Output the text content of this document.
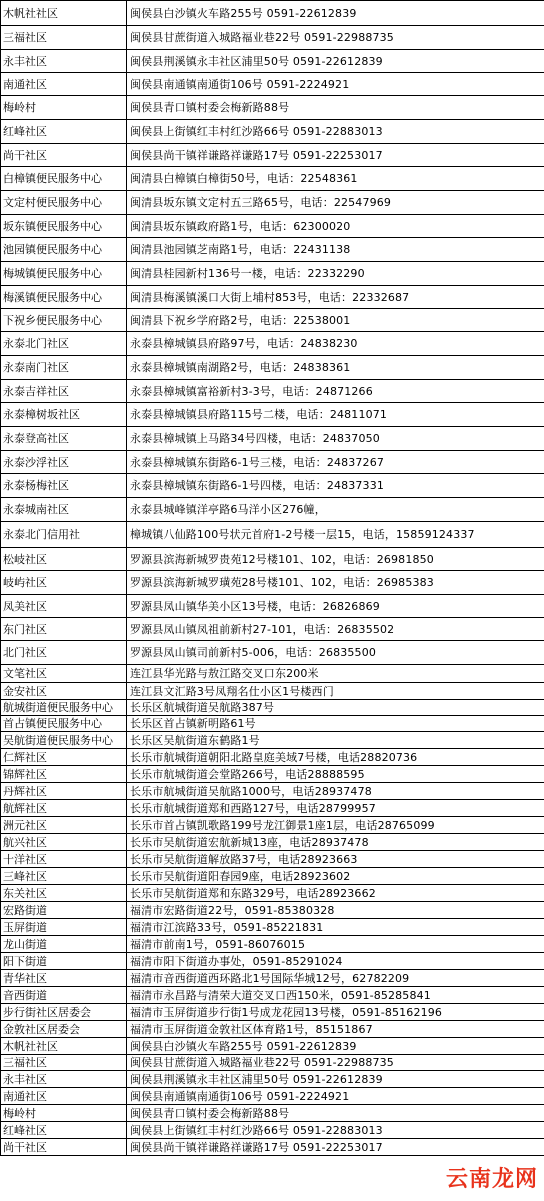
木帆社社区	闽侯县白沙镇火车路255号 0591-22612839
三福社区	闽侯县甘蔗街道入城路福业巷22号 0591-22988735
永丰社区	闽侯县荆溪镇永丰社区浦里50号 0591-22612839
南通社区	闽侯县南通镇南通街106号 0591-2224921
梅岭村	闽侯县青口镇村委会梅新路88号
红峰社区	闽侯县上街镇红丰村红沙路66号 0591-22883013
尚干社区	闽侯县尚干镇祥谦路祥谦路17号 0591-22253017
白樟镇便民服务中心	闽清县白樟镇白樟街50号，电话：22548361
文定村便民服务中心	闽清县坂东镇文定村五三路65号，电话：22547969
坂东镇便民服务中心	闽清县坂东镇政府路1号，电话：62300020
池园镇便民服务中心	闽清县池园镇芝南路1号，电话：22431138
梅城镇便民服务中心	闽清县桂园新村136号一楼，电话：22332290
梅溪镇便民服务中心	闽清县梅溪镇溪口大街上埔村853号，电话：22332687
下祝乡便民服务中心	闽清县下祝乡学府路2号，电话：22538001
永泰北门社区	永泰县樟城镇县府路97号，电话：24838230
永泰南门社区	永泰县樟城镇南湖路2号，电话：24838361
永泰吉祥社区	永泰县樟城镇富裕新村3-3号，电话：24871266
永泰樟树坂社区	永泰县樟城镇县府路115号二楼，电话：24811071
永泰登高社区	永泰县樟城镇上马路34号四楼，电话：24837050
永泰沙浮社区	永泰县樟城镇东街路6-1号三楼，电话：24837267
永泰杨梅社区	永泰县樟城镇东街路6-1号四楼，电话：24837331
永泰城南社区	永泰县城峰镇洋亭路6马洋小区276幢，
永泰北门信用社	樟城镇八仙路100号状元首府1-2号楼一层15，电话，15859124337
松岐社区	罗源县滨海新城罗贵苑12号楼101、102，电话：26981850
岐屿社区	罗源县滨海新城罗璜苑28号楼101、102，电话：26985383
凤美社区	罗源县凤山镇华美小区13号楼，电话：26826869
东门社区	罗源县凤山镇凤祖前新村27-101，电话：26835502
北门社区	罗源县凤山镇司前新村5-006，电话：26835500
文笔社区	连江县华光路与敖江路交叉口东200米
金安社区	连江县文汇路3号凤翔名仕小区1号楼西门
航城街道便民服务中心	长乐区航城街道吴航路387号
首占镇便民服务中心	长乐区首占镇新明路61号
吴航街道便民服务中心	长乐区吴航街道东鹤路1号
仁辉社区	长乐市航城街道朝阳北路皇庭美域7号楼，电话28820736
锦辉社区	长乐市航城街道会堂路266号，电话28888595
丹辉社区	长乐市航城街道吴航路1000号，电话28937478
航辉社区	长乐市航城街道郑和西路127号，电话28799957
洲元社区	长乐市首占镇凯歌路199号龙江御景1座1层，电话28765099
航兴社区	长乐市吴航街道宏航新城13座，电话28937478
十洋社区	长乐市吴航街道解放路37号，电话28923663
三峰社区	长乐市吴航街道阳春园9座，电话28923602
东关社区	长乐市吴航街道郑和东路329号，电话28923662
宏路街道	福清市宏路街道22号，0591-85380328
玉屏街道	福清市江滨路33号，0591-85221831
龙山街道	福清市前南1号，0591-86076015
阳下街道	福清市阳下街道办事处，0591-85291024
青华社区	福清市音西街道西环路北1号国际华城12号，62782209
音西街道	福清市永昌路与清荣大道交叉口西150米，0591-85285841
步行街社区居委会	福清市玉屏街道步行街1号成龙花园13号楼，0591-85162196
金敦社区居委会	福清市玉屏街道金敦社区体育路1号，85151867
木帆社社区	闽侯县白沙镇火车路255号 0591-22612839
三福社区	闽侯县甘蔗街道入城路福业巷22号 0591-22988735
永丰社区	闽侯县荆溪镇永丰社区浦里50号 0591-22612839
南通社区	闽侯县南通镇南通街106号 0591-2224921
梅岭村	闽侯县青口镇村委会梅新路88号
红峰社区	闽侯县上街镇红丰村红沙路66号 0591-22883013
尚干社区	闽侯县尚干镇祥谦路祥谦路17号 0591-22253017
云南龙网
